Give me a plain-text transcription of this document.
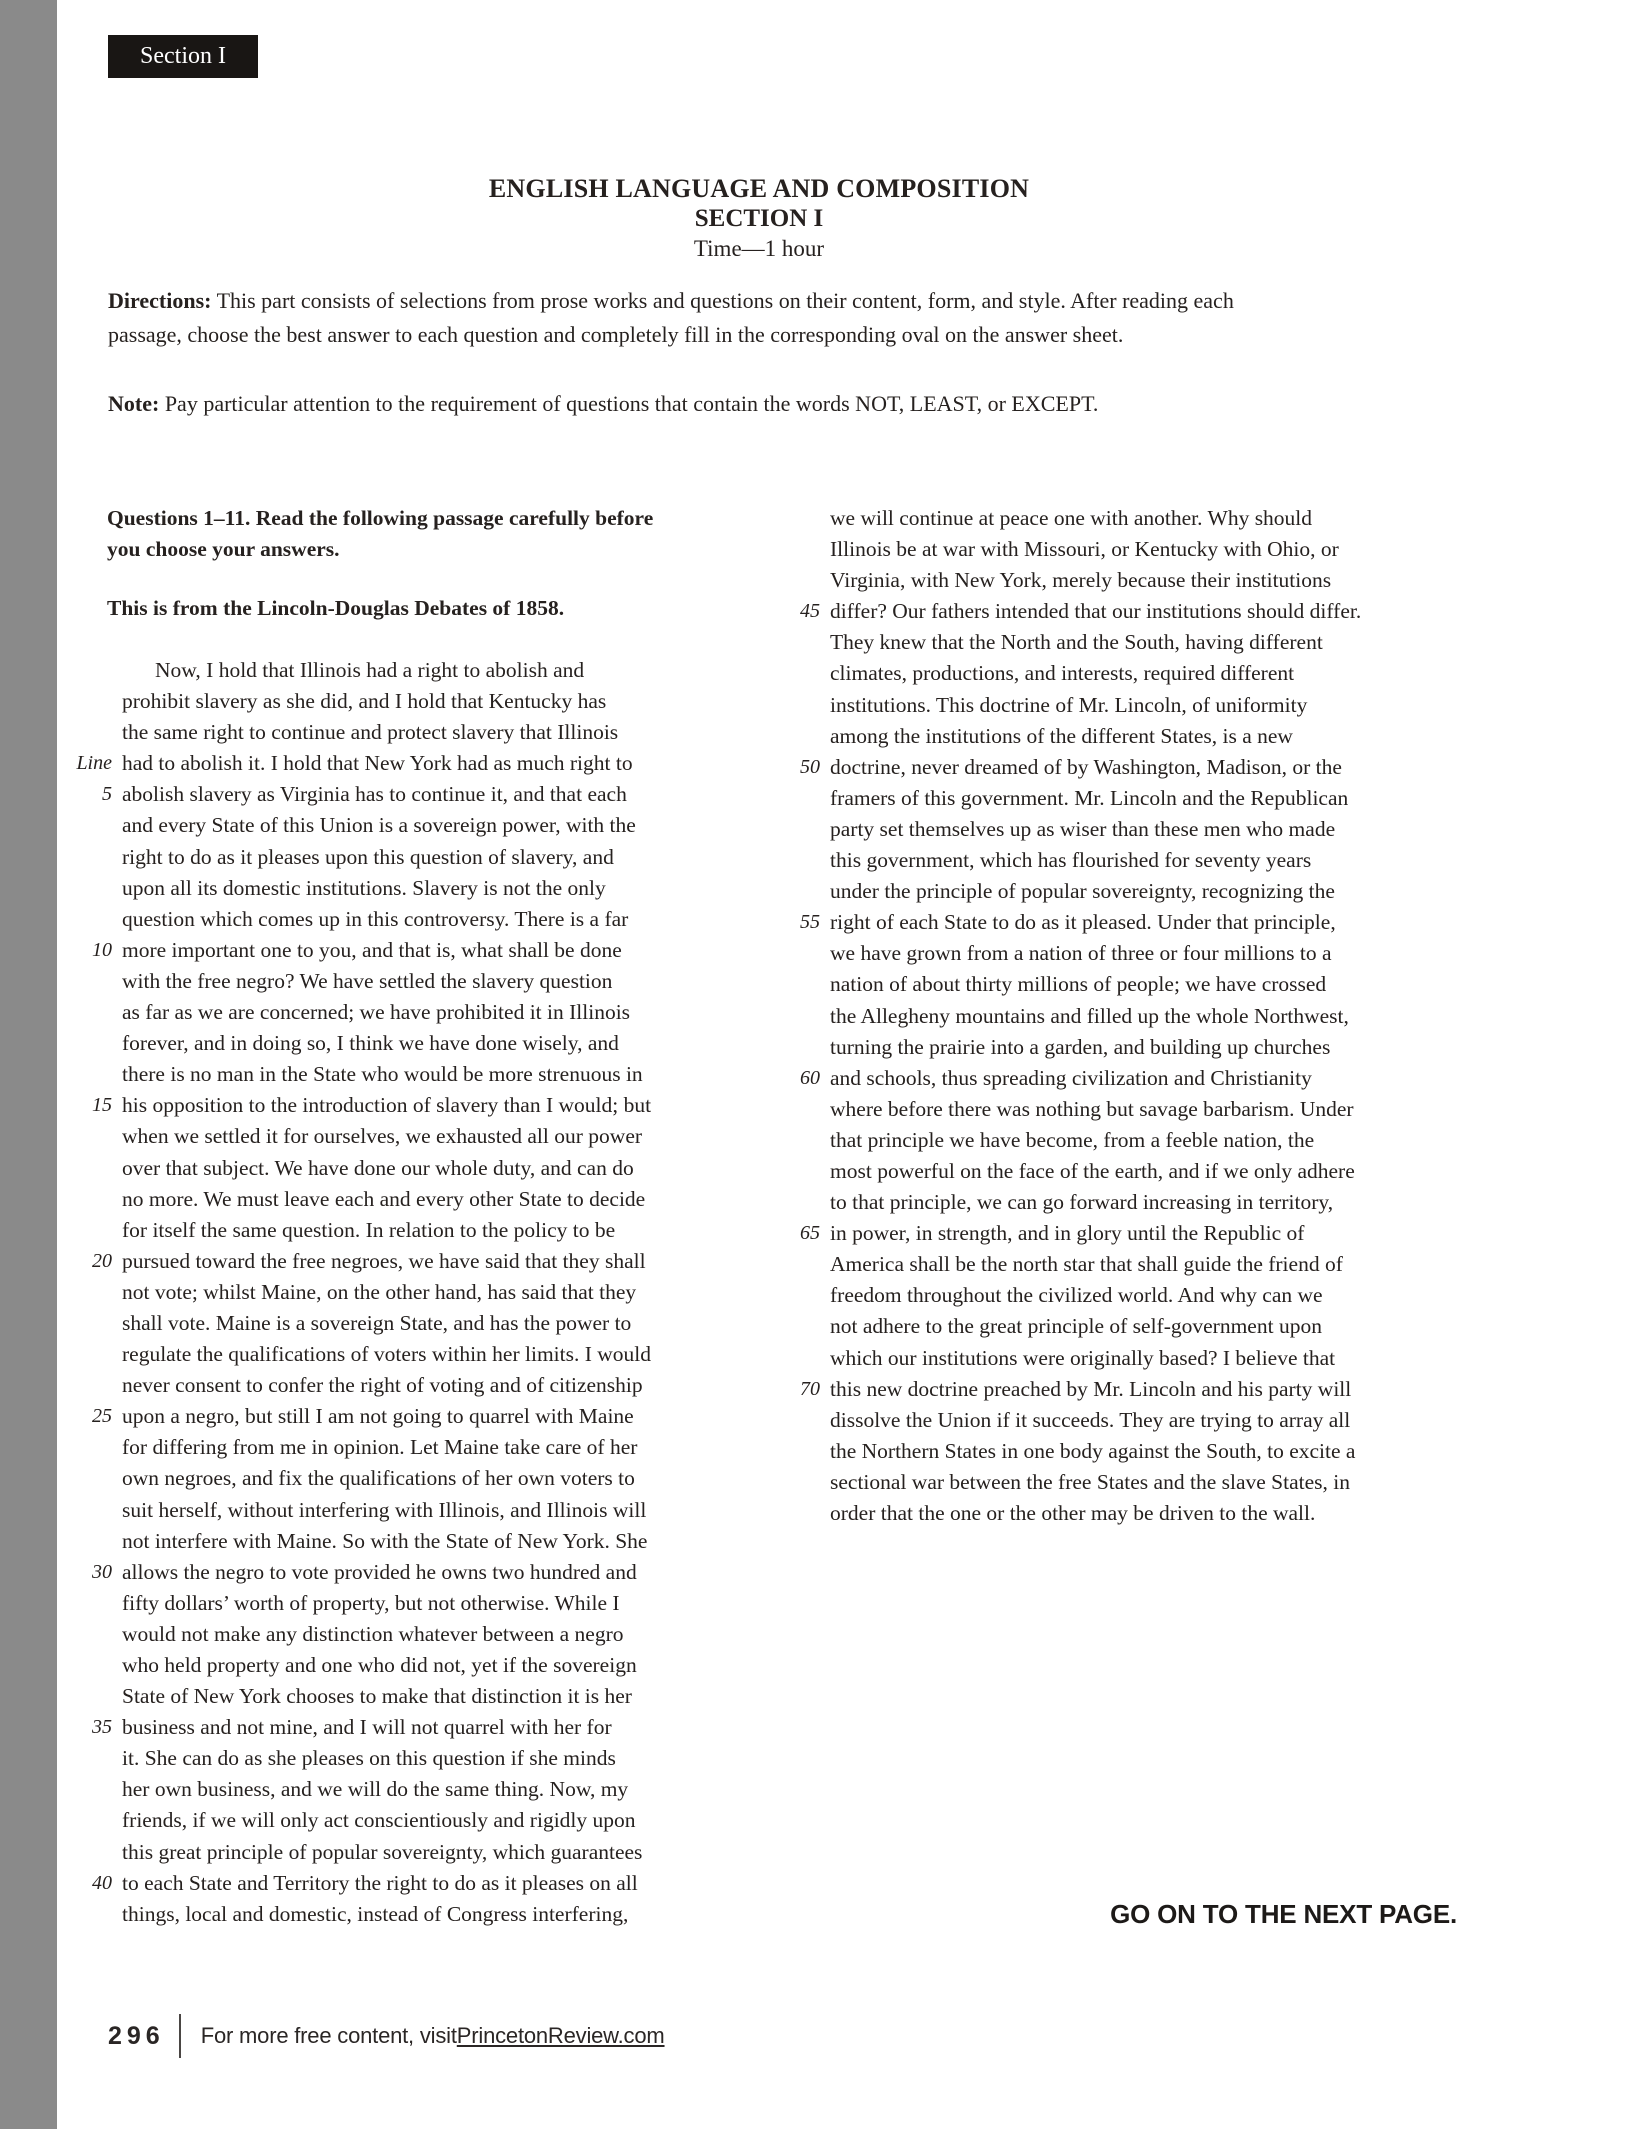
Section I
ENGLISH LANGUAGE AND COMPOSITION
SECTION I
Time—1 hour
Directions: This part consists of selections from prose works and questions on their content, form, and style. After reading each
passage, choose the best answer to each question and completely fill in the corresponding oval on the answer sheet.
Note: Pay particular attention to the requirement of questions that contain the words NOT, LEAST, or EXCEPT.
Questions 1–11. Read the following passage carefully before
you choose your answers.
This is from the Lincoln-Douglas Debates of 1858.
Now, I hold that Illinois had a right to abolish and
prohibit slavery as she did, and I hold that Kentucky has
the same right to continue and protect slavery that Illinois
Line had to abolish it. I hold that New York had as much right to
5 abolish slavery as Virginia has to continue it, and that each
and every State of this Union is a sovereign power, with the
right to do as it pleases upon this question of slavery, and
upon all its domestic institutions. Slavery is not the only
question which comes up in this controversy. There is a far
10 more important one to you, and that is, what shall be done
with the free negro? We have settled the slavery question
as far as we are concerned; we have prohibited it in Illinois
forever, and in doing so, I think we have done wisely, and
there is no man in the State who would be more strenuous in
15 his opposition to the introduction of slavery than I would; but
when we settled it for ourselves, we exhausted all our power
over that subject. We have done our whole duty, and can do
no more. We must leave each and every other State to decide
for itself the same question. In relation to the policy to be
20 pursued toward the free negroes, we have said that they shall
not vote; whilst Maine, on the other hand, has said that they
shall vote. Maine is a sovereign State, and has the power to
regulate the qualifications of voters within her limits. I would
never consent to confer the right of voting and of citizenship
25 upon a negro, but still I am not going to quarrel with Maine
for differing from me in opinion. Let Maine take care of her
own negroes, and fix the qualifications of her own voters to
suit herself, without interfering with Illinois, and Illinois will
not interfere with Maine. So with the State of New York. She
30 allows the negro to vote provided he owns two hundred and
fifty dollars’ worth of property, but not otherwise. While I
would not make any distinction whatever between a negro
who held property and one who did not, yet if the sovereign
State of New York chooses to make that distinction it is her
35 business and not mine, and I will not quarrel with her for
it. She can do as she pleases on this question if she minds
her own business, and we will do the same thing. Now, my
friends, if we will only act conscientiously and rigidly upon
this great principle of popular sovereignty, which guarantees
40 to each State and Territory the right to do as it pleases on all
things, local and domestic, instead of Congress interfering,
we will continue at peace one with another. Why should
Illinois be at war with Missouri, or Kentucky with Ohio, or
Virginia, with New York, merely because their institutions
45 differ? Our fathers intended that our institutions should differ.
They knew that the North and the South, having different
climates, productions, and interests, required different
institutions. This doctrine of Mr. Lincoln, of uniformity
among the institutions of the different States, is a new
50 doctrine, never dreamed of by Washington, Madison, or the
framers of this government. Mr. Lincoln and the Republican
party set themselves up as wiser than these men who made
this government, which has flourished for seventy years
under the principle of popular sovereignty, recognizing the
55 right of each State to do as it pleased. Under that principle,
we have grown from a nation of three or four millions to a
nation of about thirty millions of people; we have crossed
the Allegheny mountains and filled up the whole Northwest,
turning the prairie into a garden, and building up churches
60 and schools, thus spreading civilization and Christianity
where before there was nothing but savage barbarism. Under
that principle we have become, from a feeble nation, the
most powerful on the face of the earth, and if we only adhere
to that principle, we can go forward increasing in territory,
65 in power, in strength, and in glory until the Republic of
America shall be the north star that shall guide the friend of
freedom throughout the civilized world. And why can we
not adhere to the great principle of self-government upon
which our institutions were originally based? I believe that
70 this new doctrine preached by Mr. Lincoln and his party will
dissolve the Union if it succeeds. They are trying to array all
the Northern States in one body against the South, to excite a
sectional war between the free States and the slave States, in
order that the one or the other may be driven to the wall.
GO ON TO THE NEXT PAGE.
296 For more free content, visit PrincetonReview.com
